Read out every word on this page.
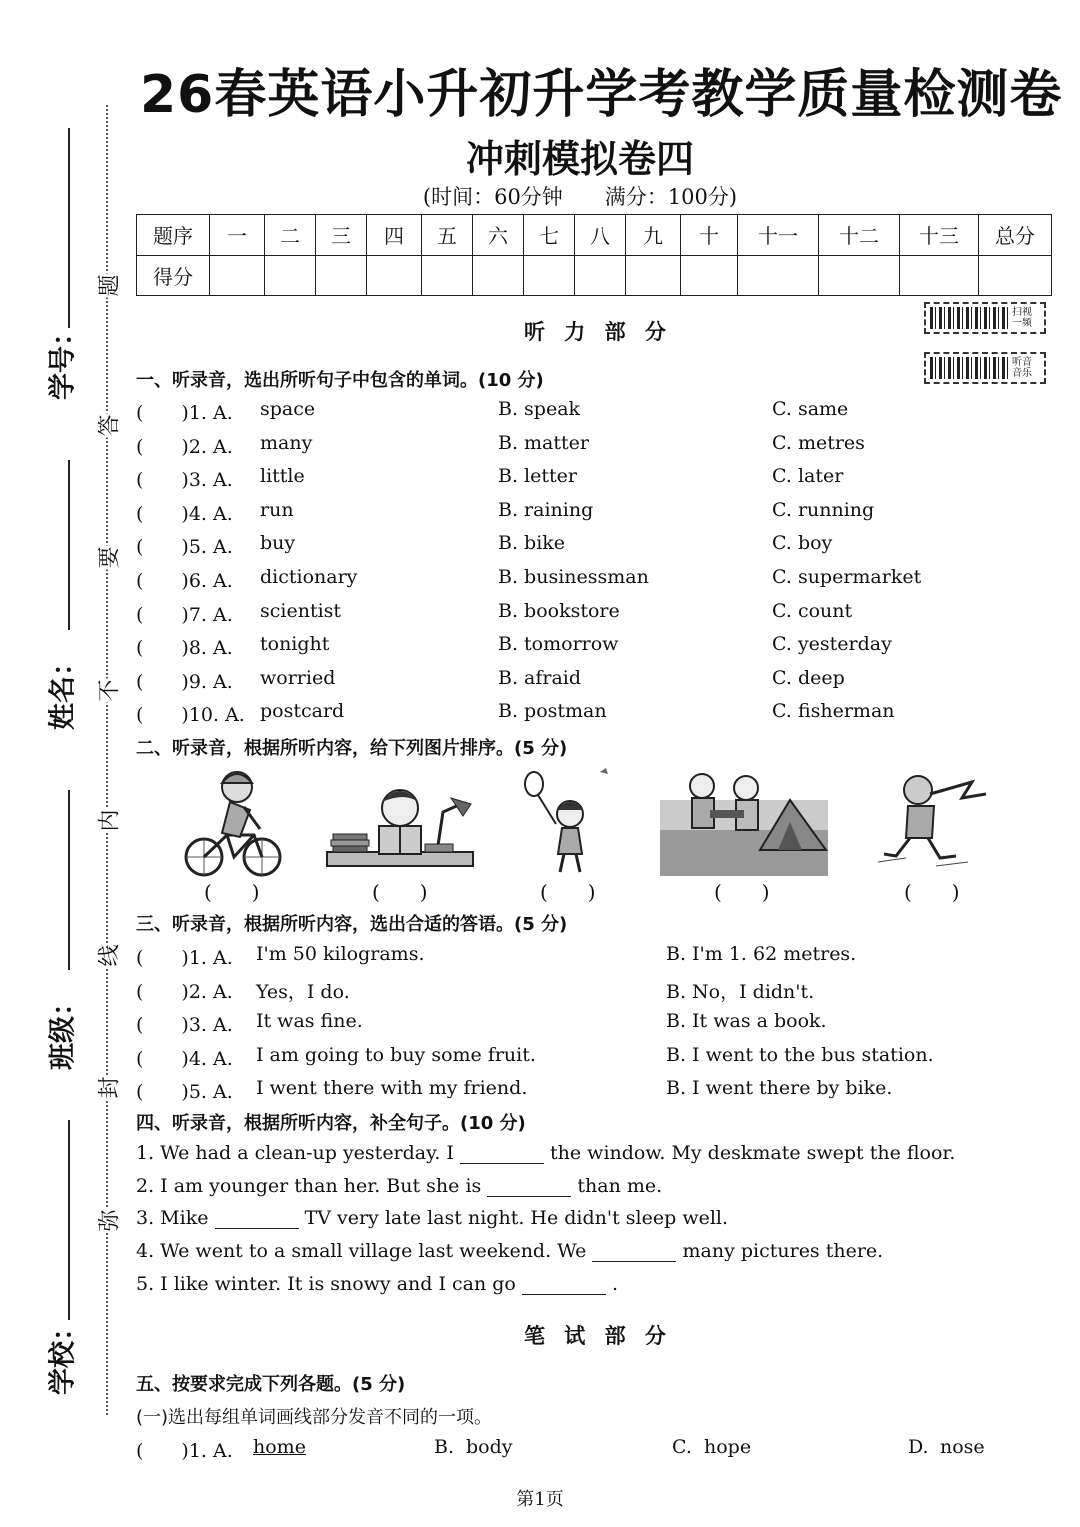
26春英语小升初升学考教学质量检测卷
冲刺模拟卷四
(时间：60分钟　　满分：100分)
题序	一	二	三	四	五	六	七	八	九	十	十一	十二	十三	总分
得分														
学号：
姓名：
班级：
学校：
题
答
要
不
内
线
封
弥
扫视
一频
听音
音乐
听 力 部 分
一、听录音，选出所听句子中包含的单词。(10 分)
(　　)1. A. space	B. speak	C. same
(　　)2. A. many	B. matter	C. metres
(　　)3. A. little	B. letter	C. later
(　　)4. A. run	B. raining	C. running
(　　)5. A. buy	B. bike	C. boy
(　　)6. A. dictionary	B. businessman	C. supermarket
(　　)7. A. scientist	B. bookstore	C. count
(　　)8. A. tonight	B. tomorrow	C. yesterday
(　　)9. A. worried	B. afraid	C. deep
(　　)10. A. postcard	B. postman	C. fisherman
二、听录音，根据所听内容，给下列图片排序。(5 分)
(　　)	(　　)	(　　)	(　　)	(　　)
三、听录音，根据所听内容，选出合适的答语。(5 分)
(　　)1. A. I'm 50 kilograms.	B. I'm 1. 62 metres.
(　　)2. A. Yes，I do.	B. No，I didn't.
(　　)3. A. It was fine.	B. It was a book.
(　　)4. A. I am going to buy some fruit.	B. I went to the bus station.
(　　)5. A. I went there with my friend.	B. I went there by bike.
四、听录音，根据所听内容，补全句子。(10 分)
1. We had a clean-up yesterday. I	the window. My deskmate swept the floor.
2. I am younger than her. But she is	than me.
3. Mike	TV very late last night. He didn't sleep well.
4. We went to a small village last weekend. We	many pictures there.
5. I like winter. It is snowy and I can go	.
笔 试 部 分
五、按要求完成下列各题。(5 分)
(一)选出每组单词画线部分发音不同的一项。
(　　)1. A. home	B. body	C. hope	D. nose
第1页
